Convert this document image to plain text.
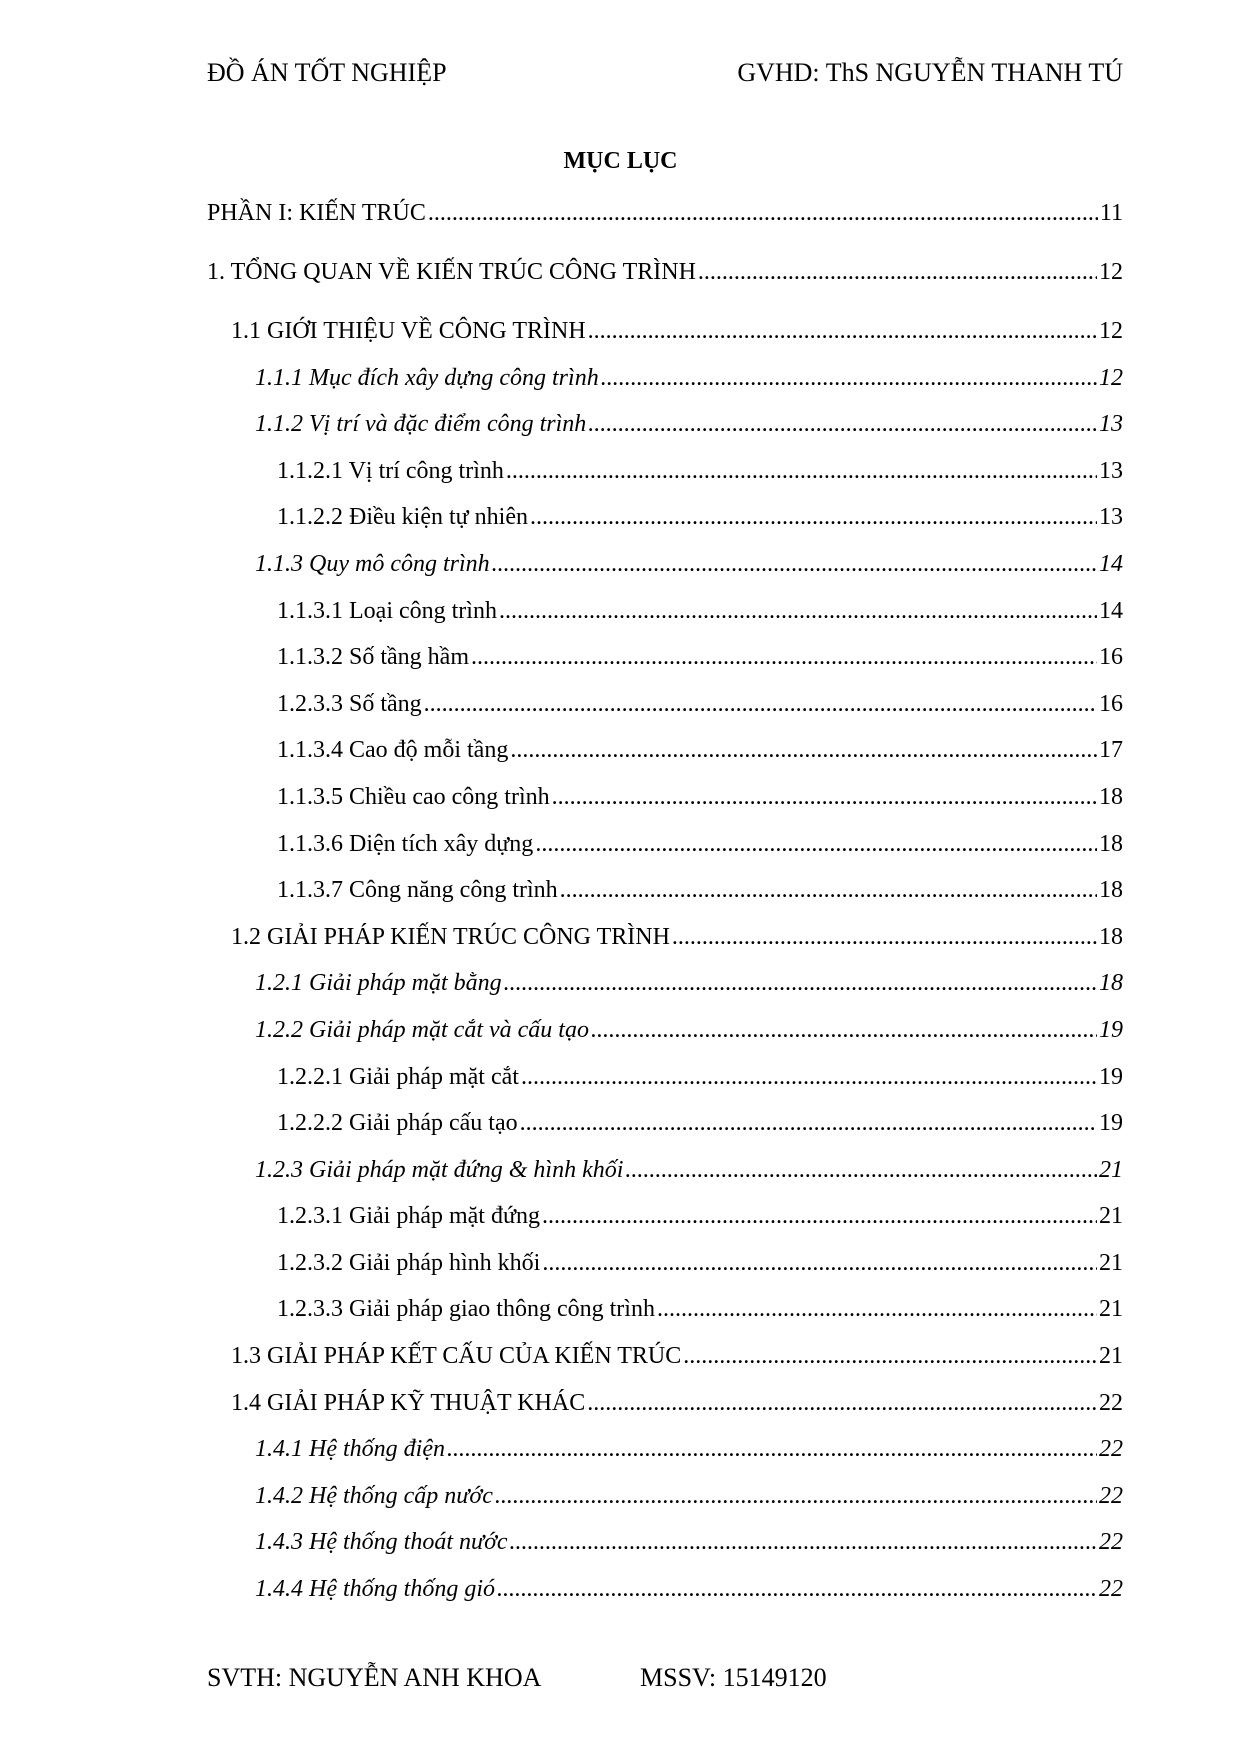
ĐỒ ÁN TỐT NGHIỆP	GVHD: ThS NGUYỄN THANH TÚ
MỤC LỤC
PHẦN I: KIẾN TRÚC .....	11
1. TỔNG QUAN VỀ KIẾN TRÚC CÔNG TRÌNH .....	12
1.1 GIỚI THIỆU VỀ CÔNG TRÌNH .....	12
1.1.1 Mục đích xây dựng công trình .....	12
1.1.2 Vị trí và đặc điểm công trình .....	13
1.1.2.1 Vị trí công trình .....	13
1.1.2.2 Điều kiện tự nhiên .....	13
1.1.3 Quy mô công trình .....	14
1.1.3.1 Loại công trình .....	14
1.1.3.2 Số tầng hầm .....	16
1.2.3.3 Số tầng .....	16
1.1.3.4 Cao độ mỗi tầng .....	17
1.1.3.5 Chiều cao công trình .....	18
1.1.3.6 Diện tích xây dựng .....	18
1.1.3.7 Công năng công trình .....	18
1.2 GIẢI PHÁP KIẾN TRÚC CÔNG TRÌNH .....	18
1.2.1 Giải pháp mặt bằng .....	18
1.2.2 Giải pháp mặt cắt và cấu tạo .....	19
1.2.2.1 Giải pháp mặt cắt .....	19
1.2.2.2 Giải pháp cấu tạo .....	19
1.2.3 Giải pháp mặt đứng & hình khối .....	21
1.2.3.1 Giải pháp mặt đứng .....	21
1.2.3.2 Giải pháp hình khối .....	21
1.2.3.3 Giải pháp giao thông công trình .....	21
1.3 GIẢI PHÁP KẾT CẤU CỦA KIẾN TRÚC .....	21
1.4 GIẢI PHÁP KỸ THUẬT KHÁC .....	22
1.4.1 Hệ thống điện .....	22
1.4.2 Hệ thống cấp nước .....	22
1.4.3 Hệ thống thoát nước .....	22
1.4.4 Hệ thống thống gió .....	22
SVTH: NGUYỄN ANH KHOA	MSSV: 15149120
